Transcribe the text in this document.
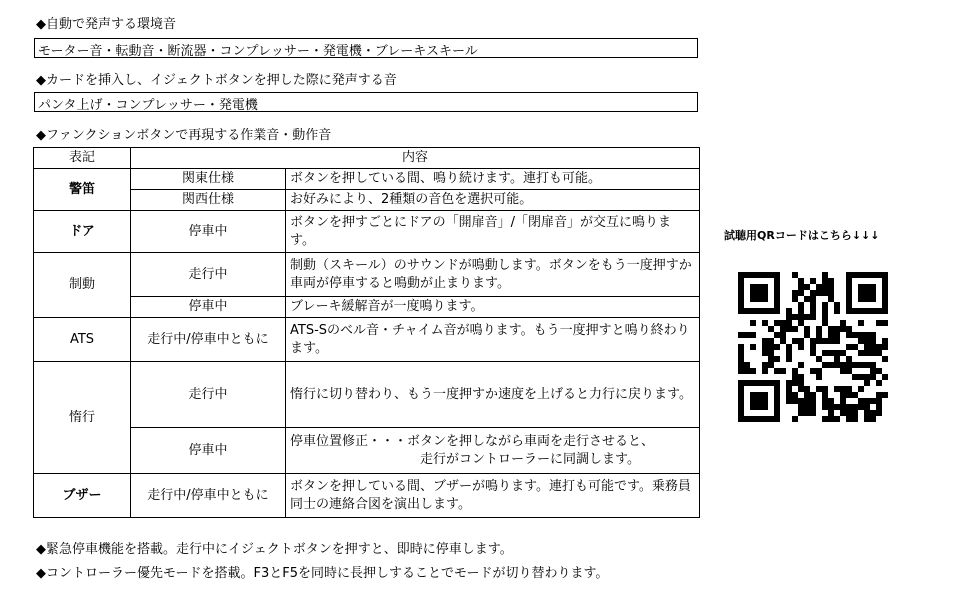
◆自動で発声する環境音
モーター音・転動音・断流器・コンプレッサー・発電機・ブレーキスキール
◆カードを挿入し、イジェクトボタンを押した際に発声する音
パンタ上げ・コンプレッサー・発電機
◆ファンクションボタンで再現する作業音・動作音
表記	内容	
警笛	関東仕様	ボタンを押している間、鳴り続けます。連打も可能。
	関西仕様	お好みにより、2種類の音色を選択可能。
ドア	停車中	ボタンを押すごとにドアの「開扉音」/「閉扉音」が交互に鳴ります。
制動	走行中	制動（スキール）のサウンドが鳴動します。ボタンをもう一度押すか車両が停車すると鳴動が止まります。
	停車中	ブレーキ緩解音が一度鳴ります。
ATS	走行中/停車中ともに	ATS-Sのベル音・チャイム音が鳴ります。もう一度押すと鳴り終わります。
惰行	走行中	惰行に切り替わり、もう一度押すか速度を上げると力行に戻ります。
	停車中	停車位置修正・・・ボタンを押しながら車両を走行させると、
走行がコントローラーに同調します。

ブザー	走行中/停車中ともに	ボタンを押している間、ブザーが鳴ります。連打も可能です。乗務員同士の連絡合図を演出します。
◆緊急停車機能を搭載。走行中にイジェクトボタンを押すと、即時に停車します。
◆コントローラー優先モードを搭載。F3とF5を同時に長押しすることでモードが切り替わります。
試聴用QRコードはこちら↓↓↓
